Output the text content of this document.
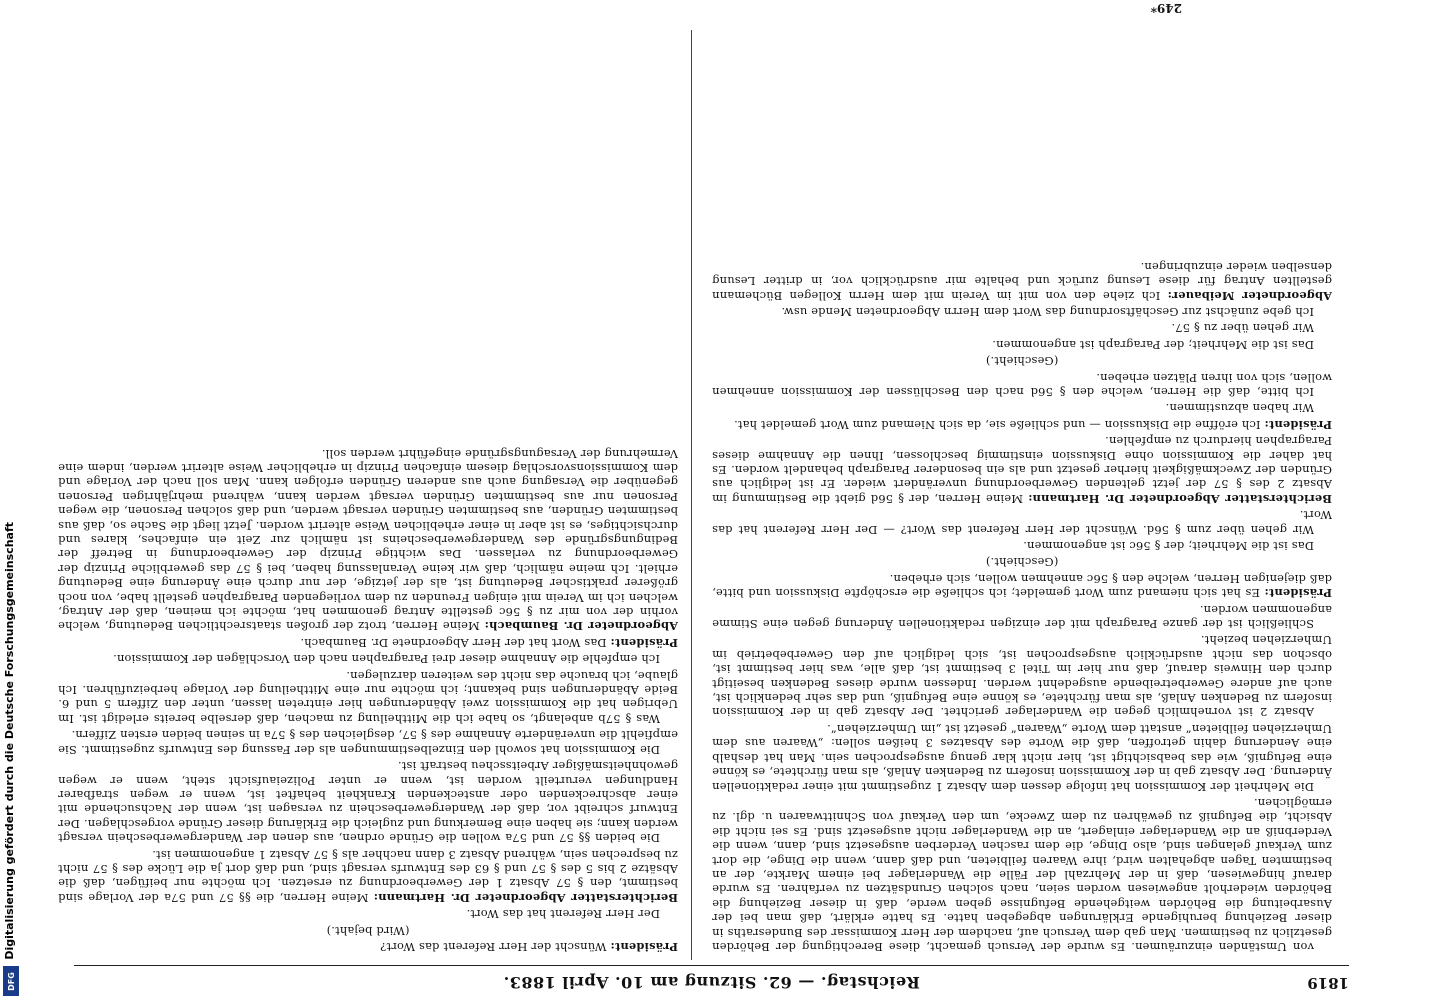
1819
Reichstag. — 62. Sitzung am 10. April 1883.

Präsident: Wünscht der Herr Referent das Wort?

(Wird bejaht.)

Der Herr Referent hat das Wort.

Berichterstatter Abgeordneter Dr. Hartmann: Meine Herren, die §§ 57 und 57a der Vorlage sind bestimmt, den § 57 Absatz 1 der Gewerbeordnung zu ersetzen. Ich möchte nur beifügen, daß die Absätze 2 bis 5 des § 57 und § 63 des Entwurfs versagt sind, und daß dort ja die Lücke des § 57 nicht zu besprechen sein, während Absatz 3 dann nachher als § 57 Absatz 1 angenommen ist.

Die beiden §§ 57 und 57a wollen die Gründe ordnen, aus denen der Wandergewerbeschein versagt werden kann; sie haben eine Bemerkung und zugleich die Erklärung dieser Gründe vorgeschlagen. Der Entwurf schreibt vor, daß der Wandergewerbeschein zu versagen ist, wenn der Nachsuchende mit einer abschreckenden oder ansteckenden Krankheit behaftet ist, wenn er wegen strafbarer Handlungen verurteilt worden ist, wenn er unter Polizeiaufsicht steht, wenn er wegen gewohnheitsmäßiger Arbeitsscheu bestraft ist.

Die Kommission hat sowohl den Einzelbestimmungen als der Fassung des Entwurfs zugestimmt. Sie empfiehlt die unveränderte Annahme des § 57, desgleichen des § 57a in seinen beiden ersten Ziffern.

Was § 57b anbelangt, so habe ich die Mittheilung zu machen, daß derselbe bereits erledigt ist. Im Uebrigen hat die Kommission zwei Abänderungen hier eintreten lassen, unter den Ziffern 5 und 6. Beide Abänderungen sind bekannt; ich möchte nur eine Mittheilung der Vorlage herbeizuführen. Ich glaube, ich brauche das nicht des weiteren darzulegen.

Ich empfehle die Annahme dieser drei Paragraphen nach den Vorschlägen der Kommission.

Präsident: Das Wort hat der Herr Abgeordnete Dr. Baumbach.

Abgeordneter Dr. Baumbach: Meine Herren, trotz der großen staatsrechtlichen Bedeutung, welche vorhin der von mir zu § 56c gestellte Antrag genommen hat, möchte ich meinen, daß der Antrag, welchen ich im Verein mit einigen Freunden zu dem vorliegenden Paragraphen gestellt habe, von noch größerer praktischer Bedeutung ist, als der jetzige, der nur durch eine Änderung eine Bedeutung erhielt. Ich meine nämlich, daß wir keine Veranlassung haben, bei § 57 das gewerbliche Prinzip der Gewerbeordnung zu verlassen. Das wichtige Prinzip der Gewerbeordnung in Betreff der Bedingungsgründe des Wandergewerbescheins ist nämlich zur Zeit ein einfaches, klares und durchsichtiges, es ist aber in einer erheblichen Weise alterirt worden. Jetzt liegt die Sache so, daß aus bestimmten Gründen, aus bestimmten Gründen versagt werden, und daß solchen Personen, die wegen Personen nur aus bestimmten Gründen versagt werden kann, während mehrjährigen Personen gegenüber die Versagung auch aus anderen Gründen erfolgen kann. Man soll nach der Vorlage und dem Kommissionsvorschlag diesem einfachen Prinzip in erheblicher Weise alterirt werden, indem eine Vermehrung der Versagungsgründe eingeführt werden soll.

von Umständen einzuräumen. Es wurde der Versuch gemacht, diese Berechtigung der Behörden gesetzlich zu bestimmen. Man gab dem Versuch auf, nachdem der Herr Kommissar des Bundesraths in dieser Beziehung beruhigende Erklärungen abgegeben hatte. Es hatte erklärt, daß man bei der Ausarbeitung die Behörden weitgehende Befugnisse geben werde, daß in dieser Beziehung die Behörden wiederholt angewiesen worden seien, nach solchen Grundsätzen zu verfahren. Es wurde darauf hingewiesen, daß in der Mehrzahl der Fälle die Wanderlager bei einem Markte, der an bestimmten Tagen abgehalten wird, ihre Waaren feilbieten, und daß dann, wenn die Dinge, die dort zum Verkauf gelangen sind, also Dinge, die dem raschen Verderben ausgesetzt sind, dann, wenn die Verderbniß an die Wanderlager einlagert, an die Wanderlager nicht ausgesetzt sind. Es sei nicht die Absicht, die Befugniß zu gewähren zu dem Zwecke, um den Verkauf von Schnittwaaren u. dgl. zu ermöglichen.

Die Mehrheit der Kommission hat infolge dessen dem Absatz 1 zugestimmt mit einer redaktionellen Änderung. Der Absatz gab in der Kommission insofern zu Bedenken Anlaß, als man fürchtete, es könne eine Befugniß, wie das beabsichtigt ist, hier nicht klar genug ausgesprochen sein. Man hat deshalb eine Aenderung dahin getroffen, daß die Worte des Absatzes 3 heißen sollen: „Waaren aus dem Umherziehen feilbieten“ anstatt dem Worte „Waaren“ gesetzt ist „im Umherziehen“.

Absatz 2 ist vornehmlich gegen die Wanderlager gerichtet. Der Absatz gab in der Kommission insofern zu Bedenken Anlaß, als man fürchtete, es könne eine Befugniß, und das sehr bedenklich ist, auch auf andere Gewerbetreibende ausgedehnt werden. Indessen wurde dieses Bedenken beseitigt durch den Hinweis darauf, daß nur hier im Titel 3 bestimmt ist, daß alle, was hier bestimmt ist, obschon das nicht ausdrücklich ausgesprochen ist, sich lediglich auf den Gewerbebetrieb im Umherziehen bezieht.

Schließlich ist der ganze Paragraph mit der einzigen redaktionellen Änderung gegen eine Stimme angenommen worden.

Präsident: Es hat sich niemand zum Wort gemeldet; ich schließe die erschöpfte Diskussion und bitte, daß diejenigen Herren, welche den § 56c annehmen wollen, sich erheben.

(Geschieht.)

Das ist die Mehrheit; der § 56c ist angenommen.

Wir gehen über zum § 56d. Wünscht der Herr Referent das Wort? — Der Herr Referent hat das Wort.

Berichterstatter Abgeordneter Dr. Hartmann: Meine Herren, der § 56d giebt die Bestimmung im Absatz 2 des § 57 der jetzt geltenden Gewerbeordnung unverändert wieder. Er ist lediglich aus Gründen der Zweckmäßigkeit hierher gesetzt und als ein besonderer Paragraph behandelt worden. Es hat daher die Kommission ohne Diskussion einstimmig beschlossen, Ihnen die Annahme dieses Paragraphen hierdurch zu empfehlen.

Präsident: Ich eröffne die Diskussion — und schließe sie, da sich Niemand zum Wort gemeldet hat.

Wir haben abzustimmen.

Ich bitte, daß die Herren, welche den § 56d nach den Beschlüssen der Kommission annehmen wollen, sich von ihren Plätzen erheben.

(Geschieht.)

Das ist die Mehrheit; der Paragraph ist angenommen.

Wir gehen über zu § 57.

Ich gebe zunächst zur Geschäftsordnung das Wort dem Herrn Abgeordneten Mende usw.

Abgeordneter Meibauer: Ich ziehe den von mit im Verein mit dem Herrn Kollegen Büchemann gestellten Antrag für diese Lesung zurück und behalte mir ausdrücklich vor, in dritter Lesung denselben wieder einzubringen.

249*
Digitalisierung gefördert durch die Deutsche Forschungsgemeinschaft
DFG
